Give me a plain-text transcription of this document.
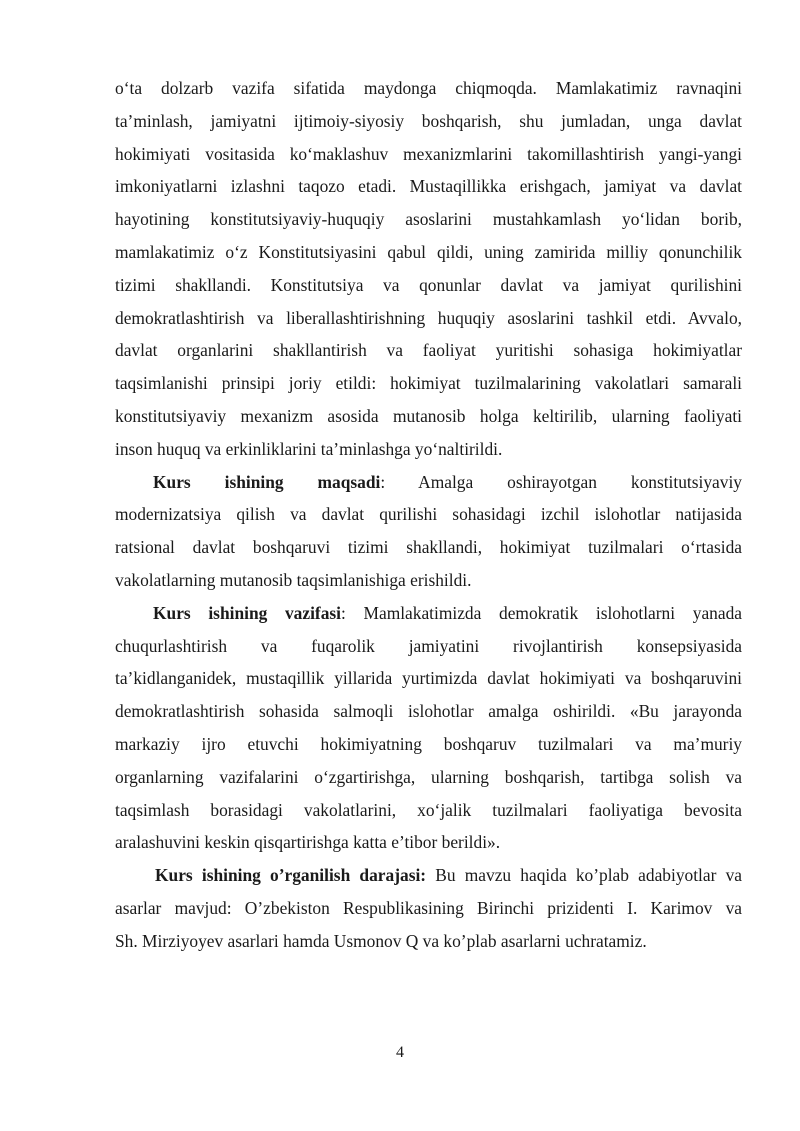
o‘ta dolzarb vazifa sifatida maydonga chiqmoqda. Mamlakatimiz ravnaqini
ta’minlash, jamiyatni ijtimoiy-siyosiy boshqarish, shu jumladan, unga davlat
hokimiyati vositasida ko‘maklashuv mexanizmlarini takomillashtirish yangi-yangi
imkoniyatlarni izlashni taqozo etadi. Mustaqillikka erishgach, jamiyat va davlat
hayotining konstitutsiyaviy-huquqiy asoslarini mustahkamlash yo‘lidan borib,
mamlakatimiz o‘z Konstitutsiyasini qabul qildi, uning zamirida milliy qonunchilik
tizimi shakllandi. Konstitutsiya va qonunlar davlat va jamiyat qurilishini
demokratlashtirish va liberallashtirishning huquqiy asoslarini tashkil etdi. Avvalo,
davlat organlarini shakllantirish va faoliyat yuritishi sohasiga hokimiyatlar
taqsimlanishi prinsipi joriy etildi: hokimiyat tuzilmalarining vakolatlari samarali
konstitutsiyaviy mexanizm asosida mutanosib holga keltirilib, ularning faoliyati
inson huquq va erkinliklarini ta’minlashga yo‘naltirildi.
Kurs ishining maqsadi: Amalga oshirayotgan konstitutsiyaviy
modernizatsiya qilish va davlat qurilishi sohasidagi izchil islohotlar natijasida
ratsional davlat boshqaruvi tizimi shakllandi, hokimiyat tuzilmalari o‘rtasida
vakolatlarning mutanosib taqsimlanishiga erishildi.
Kurs ishining vazifasi: Mamlakatimizda demokratik islohotlarni yanada
chuqurlashtirish va fuqarolik jamiyatini rivojlantirish konsepsiyasida
ta’kidlanganidek, mustaqillik yillarida yurtimizda davlat hokimiyati va boshqaruvini
demokratlashtirish sohasida salmoqli islohotlar amalga oshirildi. «Bu jarayonda
markaziy ijro etuvchi hokimiyatning boshqaruv tuzilmalari va ma’muriy
organlarning vazifalarini o‘zgartirishga, ularning boshqarish, tartibga solish va
taqsimlash borasidagi vakolatlarini, xo‘jalik tuzilmalari faoliyatiga bevosita
aralashuvini keskin qisqartirishga katta e’tibor berildi».
Kurs ishining o’rganilish darajasi: Bu mavzu haqida ko’plab adabiyotlar va
asarlar mavjud: O’zbekiston Respublikasining Birinchi prizidenti I. Karimov va
Sh. Mirziyoyev asarlari hamda Usmonov Q va ko’plab asarlarni uchratamiz.
4
